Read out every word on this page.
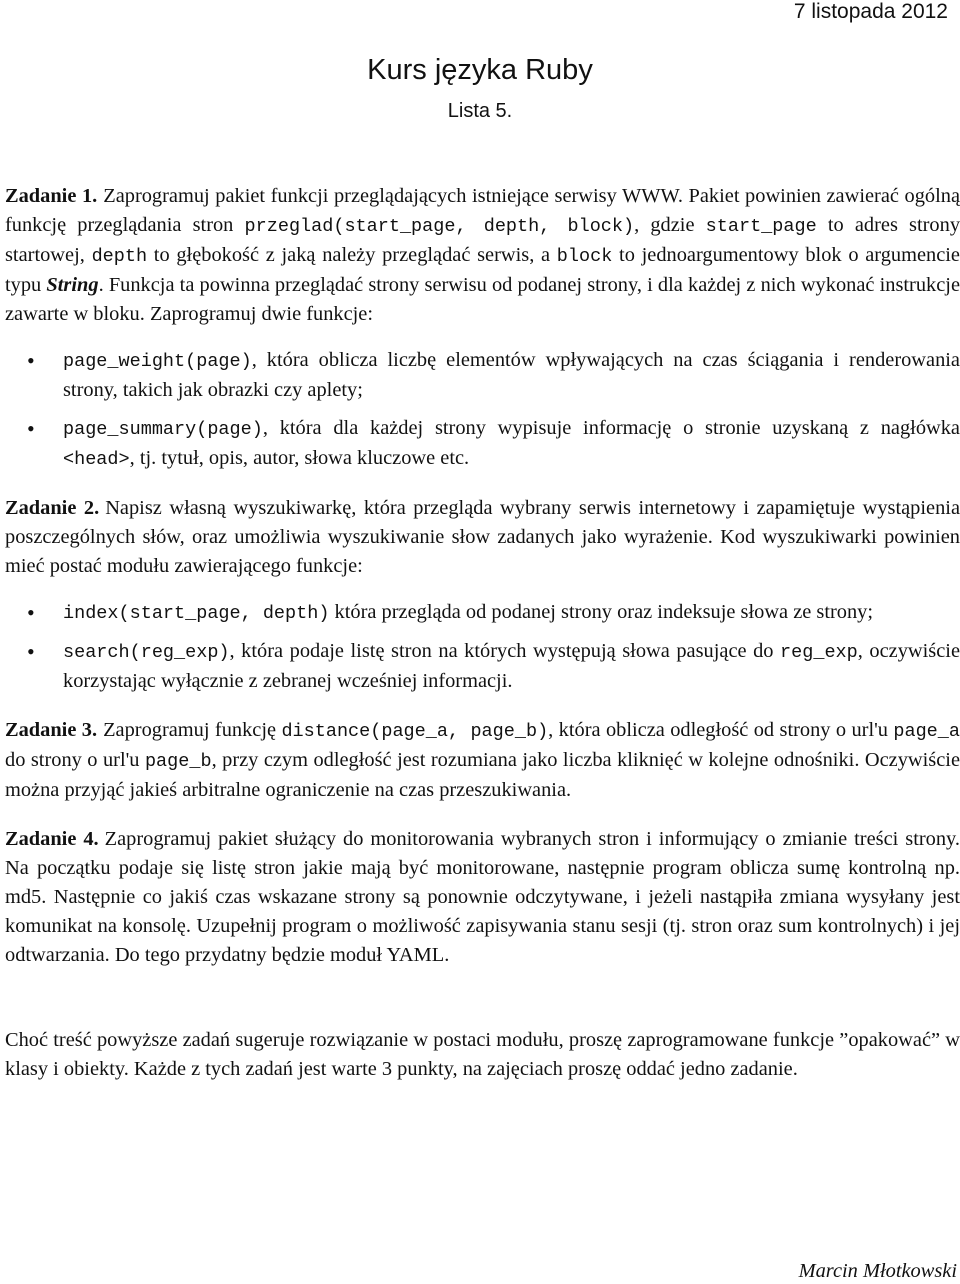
7 listopada 2012
Kurs języka Ruby
Lista 5.

Zadanie 1. Zaprogramuj pakiet funkcji przeglądających istniejące serwisy WWW. Pakiet powinien zawierać ogólną funkcję przeglądania stron przeglad(start_page, depth, block), gdzie start_page to adres strony startowej, depth to głębokość z jaką należy przeglądać serwis, a block to jednoargumentowy blok o argumencie typu String. Funkcja ta powinna przeglądać strony serwisu od podanej strony, i dla każdej z nich wykonać instrukcje zawarte w bloku. Zaprogramuj dwie funkcje:

• page_weight(page), która oblicza liczbę elementów wpływających na czas ściągania i renderowania strony, takich jak obrazki czy aplety;
• page_summary(page), która dla każdej strony wypisuje informację o stronie uzyskaną z nagłówka <head>, tj. tytuł, opis, autor, słowa kluczowe etc.

Zadanie 2. Napisz własną wyszukiwarkę, która przegląda wybrany serwis internetowy i zapamiętuje wystąpienia poszczególnych słów, oraz umożliwia wyszukiwanie słow zadanych jako wyrażenie. Kod wyszukiwarki powinien mieć postać modułu zawierającego funkcje:

• index(start_page, depth) która przegląda od podanej strony oraz indeksuje słowa ze strony;
• search(reg_exp), która podaje listę stron na których występują słowa pasujące do reg_exp, oczywiście korzystając wyłącznie z zebranej wcześniej informacji.

Zadanie 3. Zaprogramuj funkcję distance(page_a, page_b), która oblicza odległość od strony o url'u page_a do strony o url'u page_b, przy czym odległość jest rozumiana jako liczba kliknięć w kolejne odnośniki. Oczywiście można przyjąć jakieś arbitralne ograniczenie na czas przeszukiwania.

Zadanie 4. Zaprogramuj pakiet służący do monitorowania wybranych stron i informujący o zmianie treści strony. Na początku podaje się listę stron jakie mają być monitorowane, następnie program oblicza sumę kontrolną np. md5. Następnie co jakiś czas wskazane strony są ponownie odczytywane, i jeżeli nastąpiła zmiana wysyłany jest komunikat na konsolę. Uzupełnij program o możliwość zapisywania stanu sesji (tj. stron oraz sum kontrolnych) i jej odtwarzania. Do tego przydatny będzie moduł YAML.

Choć treść powyższe zadań sugeruje rozwiązanie w postaci modułu, proszę zaprogramowane funkcje ”opakować” w klasy i obiekty. Każde z tych zadań jest warte 3 punkty, na zajęciach proszę oddać jedno zadanie.

Marcin Młotkowski
